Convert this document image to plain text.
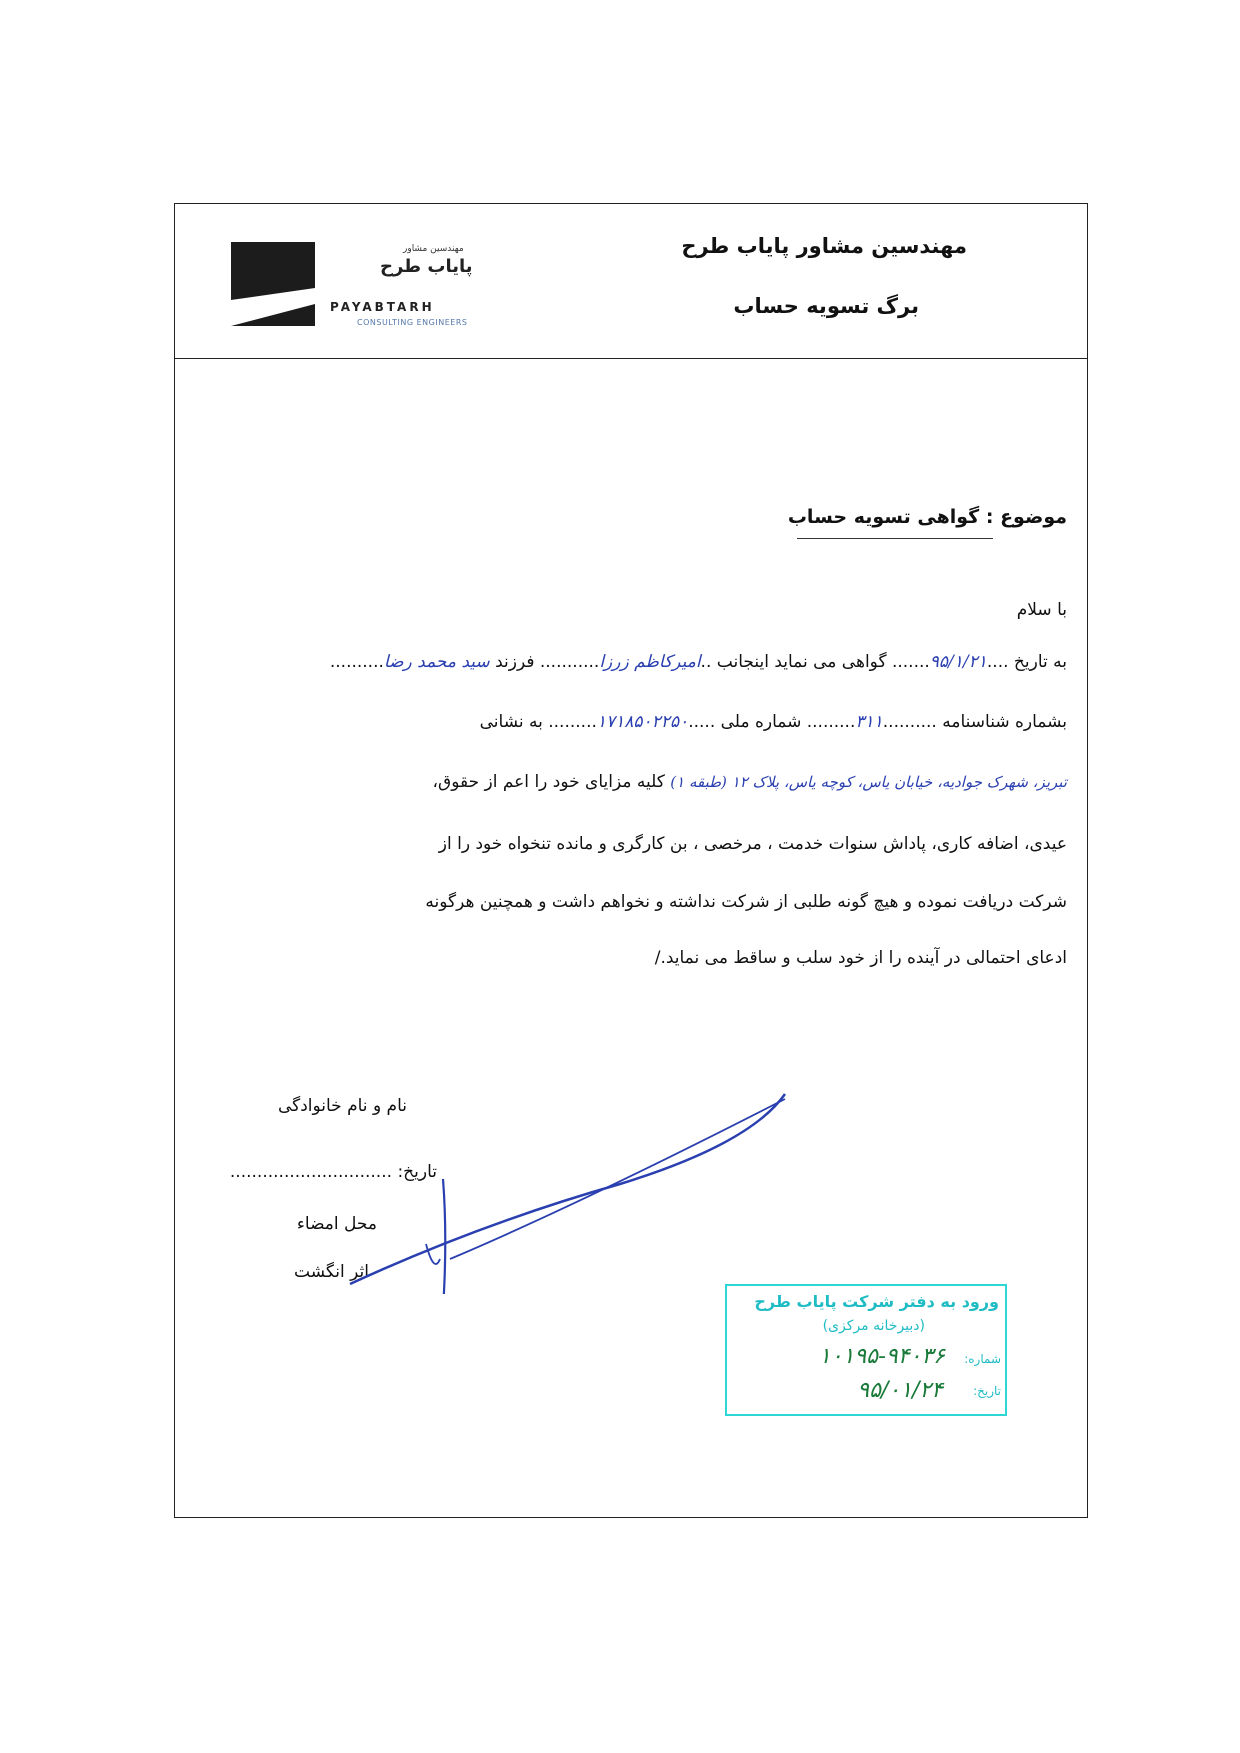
مهندسین مشاور پایاب طرح
برگ تسویه حساب
مهندسین مشاور
پایاب طرح
PAYABTARH
CONSULTING ENGINEERS
موضوع : گواهی تسویه حساب
با سلام
به تاریخ ....۹۵/۱/۲۱....... گواهی می نماید اینجانب ..امیرکاظم زرزا........... فرزند سید محمد رضا..........
بشماره شناسنامه ..........۳۱۱......... شماره ملی .....۱۷۱۸۵۰۲۲۵۰......... به نشانی
تبریز، شهرک جوادیه، خیابان یاس، کوچه یاس، پلاک ۱۲ (طبقه ۱) کلیه مزایای خود را اعم از حقوق،
عیدی، اضافه کاری، پاداش سنوات خدمت ، مرخصی ، بن کارگری و مانده تنخواه خود را از
شرکت دریافت نموده و هیچ گونه طلبی از شرکت نداشته و نخواهم داشت و همچنین هرگونه
ادعای احتمالی در آینده را از خود سلب و ساقط می نماید./
نام و نام خانوادگی
تاریخ: ..............................
محل امضاء
اثر انگشت
ورود به دفتر شرکت پایاب طرح
(دبیرخانه مرکزی)
شماره:
۱۰۱۹۵-۹۴۰۳۶
تاریخ:
۹۵/۰۱/۲۴
